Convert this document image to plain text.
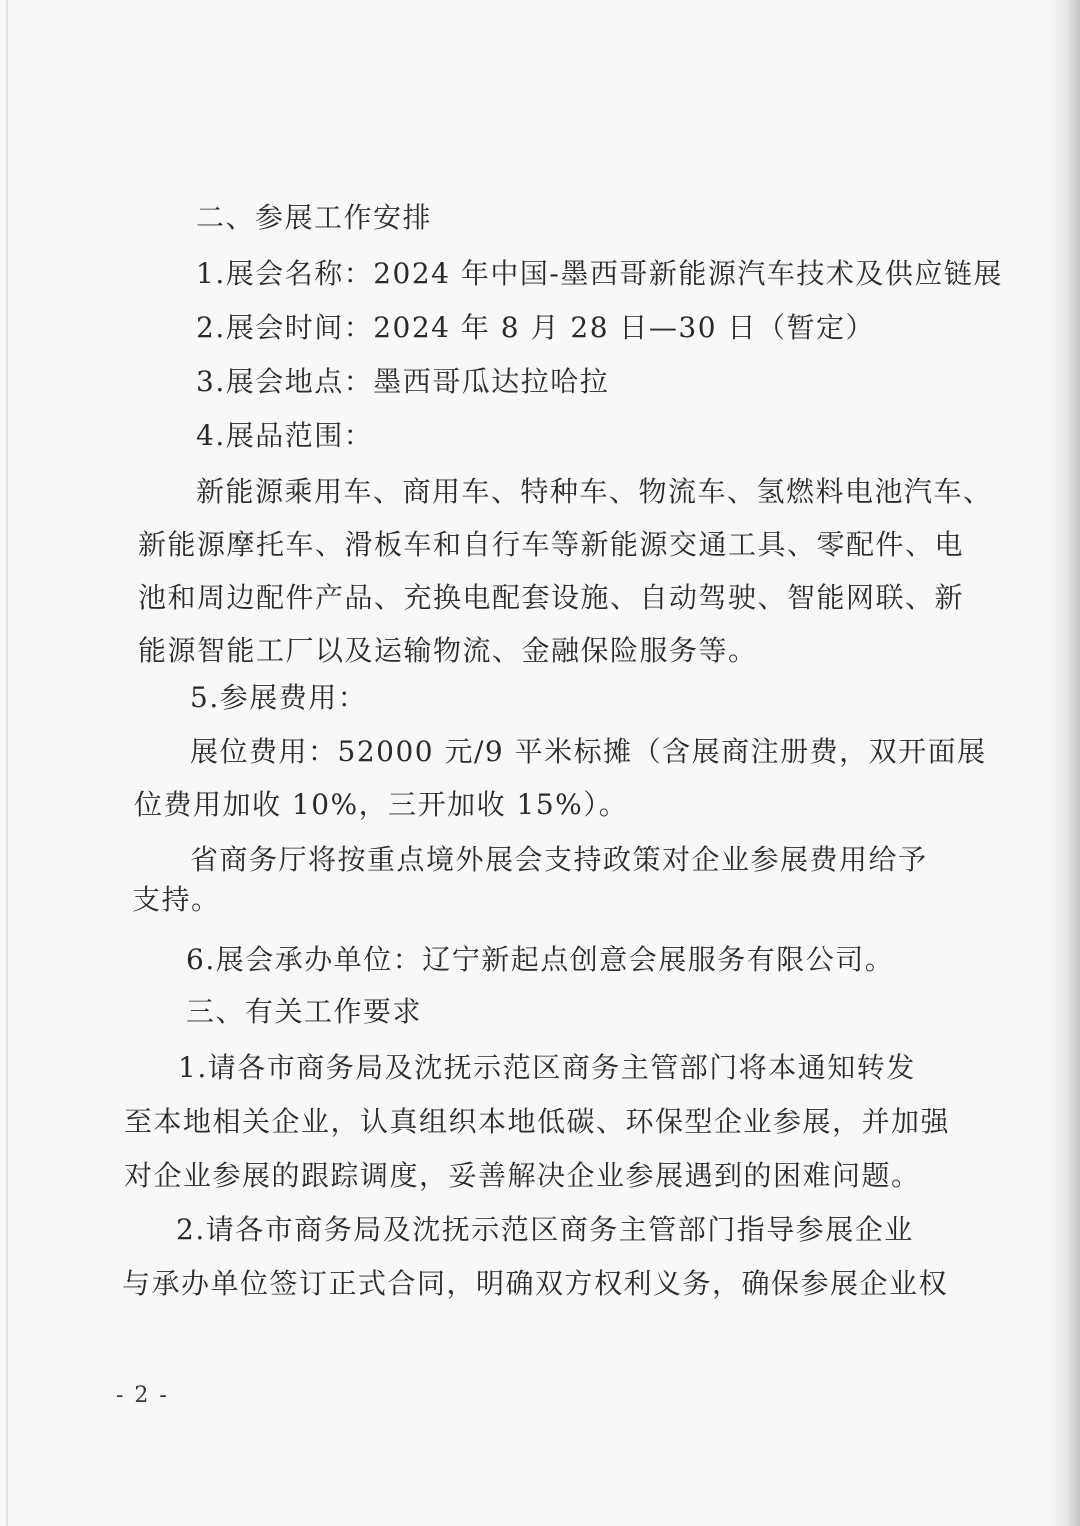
二、参展工作安排
1.展会名称：2024 年中国-墨西哥新能源汽车技术及供应链展
2.展会时间：2024 年 8 月 28 日—30 日（暂定）
3.展会地点：墨西哥瓜达拉哈拉
4.展品范围：
新能源乘用车、商用车、特种车、物流车、氢燃料电池汽车、
新能源摩托车、滑板车和自行车等新能源交通工具、零配件、电
池和周边配件产品、充换电配套设施、自动驾驶、智能网联、新
能源智能工厂以及运输物流、金融保险服务等。
5.参展费用：
展位费用：52000 元/9 平米标摊（含展商注册费，双开面展
位费用加收 10%，三开加收 15%）。
省商务厅将按重点境外展会支持政策对企业参展费用给予
支持。
6.展会承办单位：辽宁新起点创意会展服务有限公司。
三、有关工作要求
1.请各市商务局及沈抚示范区商务主管部门将本通知转发
至本地相关企业，认真组织本地低碳、环保型企业参展，并加强
对企业参展的跟踪调度，妥善解决企业参展遇到的困难问题。
2.请各市商务局及沈抚示范区商务主管部门指导参展企业
与承办单位签订正式合同，明确双方权利义务，确保参展企业权
- 2 -
